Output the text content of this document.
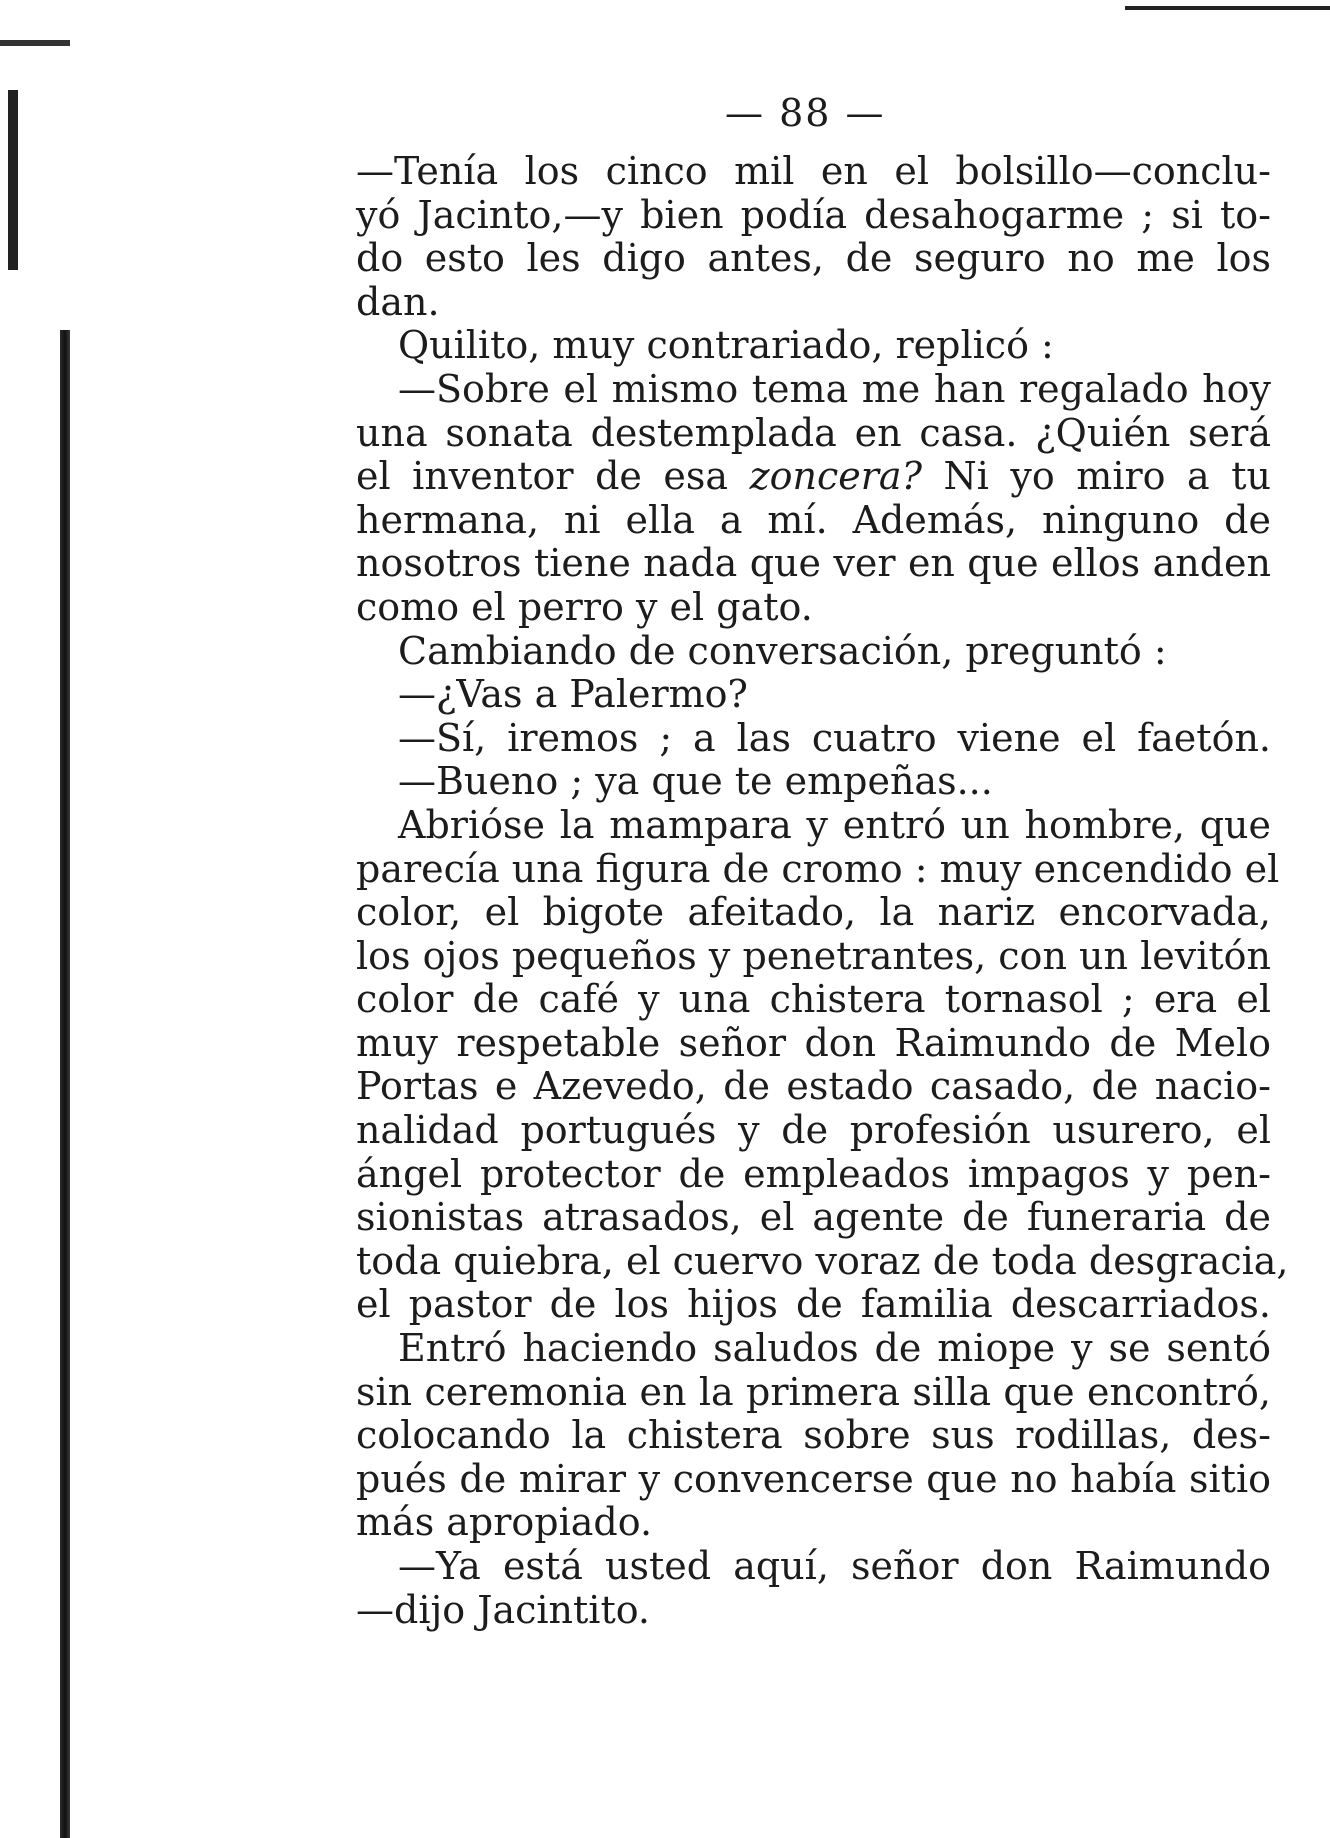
— 88 —
—Tenía los cinco mil en el bolsillo—conclu-
yó Jacinto,—y bien podía desahogarme ; si to-
do esto les digo antes, de seguro no me los
dan.
Quilito, muy contrariado, replicó :
—Sobre el mismo tema me han regalado hoy
una sonata destemplada en casa. ¿Quién será
el inventor de esa zoncera? Ni yo miro a tu
hermana, ni ella a mí. Además, ninguno de
nosotros tiene nada que ver en que ellos anden
como el perro y el gato.
Cambiando de conversación, preguntó :
—¿Vas a Palermo?
—Sí, iremos ; a las cuatro viene el faetón.
—Bueno ; ya que te empeñas...
Abrióse la mampara y entró un hombre, que
parecía una figura de cromo : muy encendido el
color, el bigote afeitado, la nariz encorvada,
los ojos pequeños y penetrantes, con un levitón
color de café y una chistera tornasol ; era el
muy respetable señor don Raimundo de Melo
Portas e Azevedo, de estado casado, de nacio-
nalidad portugués y de profesión usurero, el
ángel protector de empleados impagos y pen-
sionistas atrasados, el agente de funeraria de
toda quiebra, el cuervo voraz de toda desgracia,
el pastor de los hijos de familia descarriados.
Entró haciendo saludos de miope y se sentó
sin ceremonia en la primera silla que encontró,
colocando la chistera sobre sus rodillas, des-
pués de mirar y convencerse que no había sitio
más apropiado.
—Ya está usted aquí, señor don Raimundo
—dijo Jacintito.
